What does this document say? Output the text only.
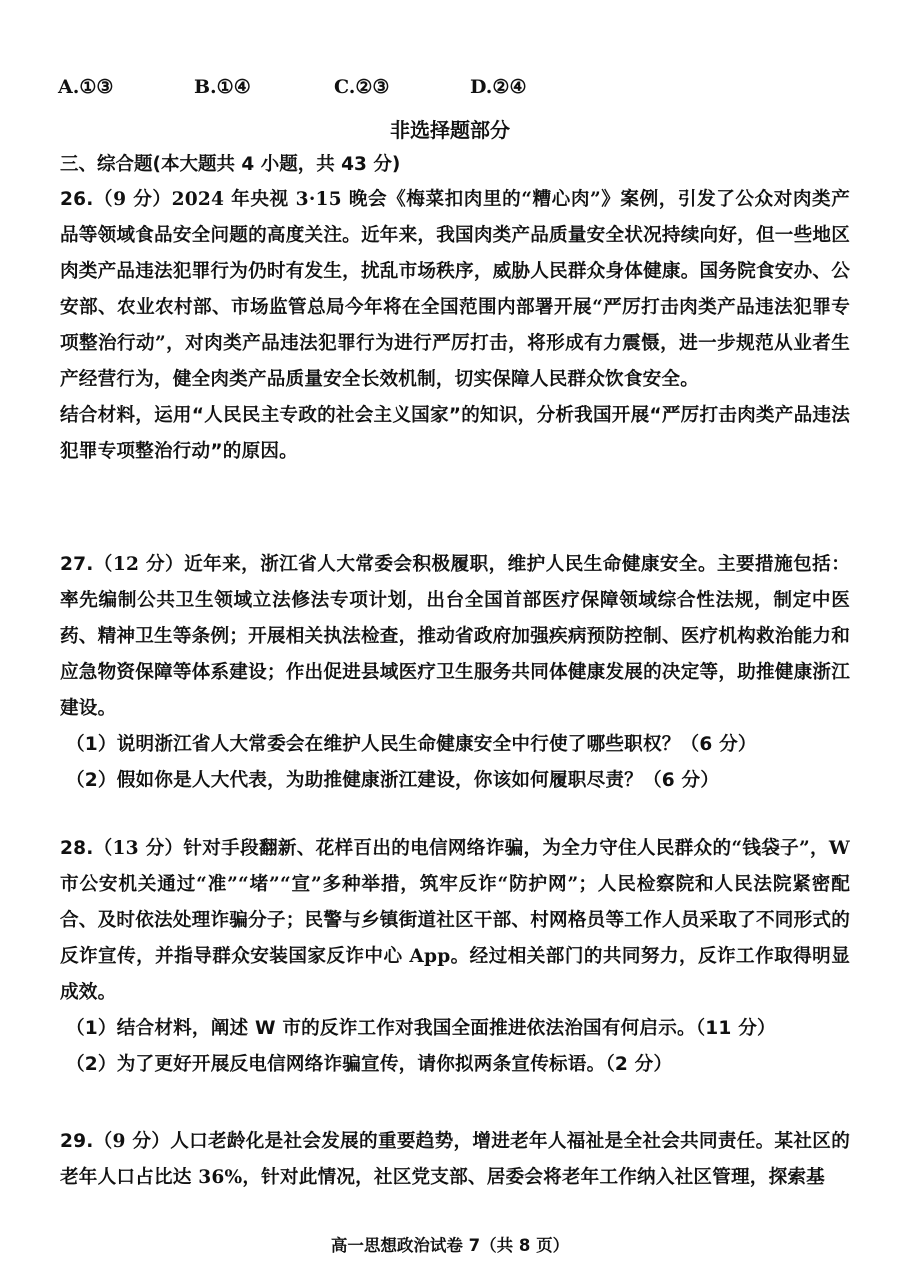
A.①③	B.①④	C.②③	D.②④
非选择题部分
三、综合题(本大题共 4 小题，共 43 分)

26.（9 分）2024 年央视 3·15 晚会《梅菜扣肉里的“糟心肉”》案例，引发了公众对肉类产品等领域食品安全问题的高度关注。近年来，我国肉类产品质量安全状况持续向好，但一些地区肉类产品违法犯罪行为仍时有发生，扰乱市场秩序，威胁人民群众身体健康。国务院食安办、公安部、农业农村部、市场监管总局今年将在全国范围内部署开展“严厉打击肉类产品违法犯罪专项整治行动”，对肉类产品违法犯罪行为进行严厉打击，将形成有力震慑，进一步规范从业者生产经营行为，健全肉类产品质量安全长效机制，切实保障人民群众饮食安全。

结合材料，运用“人民民主专政的社会主义国家”的知识，分析我国开展“严厉打击肉类产品违法犯罪专项整治行动”的原因。

27.（12 分）近年来，浙江省人大常委会积极履职，维护人民生命健康安全。主要措施包括：率先编制公共卫生领域立法修法专项计划，出台全国首部医疗保障领域综合性法规，制定中医药、精神卫生等条例；开展相关执法检查，推动省政府加强疾病预防控制、医疗机构救治能力和应急物资保障等体系建设；作出促进县域医疗卫生服务共同体健康发展的决定等，助推健康浙江建设。

（1）说明浙江省人大常委会在维护人民生命健康安全中行使了哪些职权？（6 分）

（2）假如你是人大代表，为助推健康浙江建设，你该如何履职尽责？（6 分）

28.（13 分）针对手段翻新、花样百出的电信网络诈骗，为全力守住人民群众的“钱袋子”，W 市公安机关通过“准”“堵”“宣”多种举措，筑牢反诈“防护网”；人民检察院和人民法院紧密配合、及时依法处理诈骗分子；民警与乡镇街道社区干部、村网格员等工作人员采取了不同形式的反诈宣传，并指导群众安装国家反诈中心 App。经过相关部门的共同努力，反诈工作取得明显成效。

（1）结合材料，阐述 W 市的反诈工作对我国全面推进依法治国有何启示。（11 分）

（2）为了更好开展反电信网络诈骗宣传，请你拟两条宣传标语。（2 分）

29.（9 分）人口老龄化是社会发展的重要趋势，增进老年人福祉是全社会共同责任。某社区的老年人口占比达 36%，针对此情况，社区党支部、居委会将老年工作纳入社区管理，探索基

高一思想政治试卷 7（共 8 页）
